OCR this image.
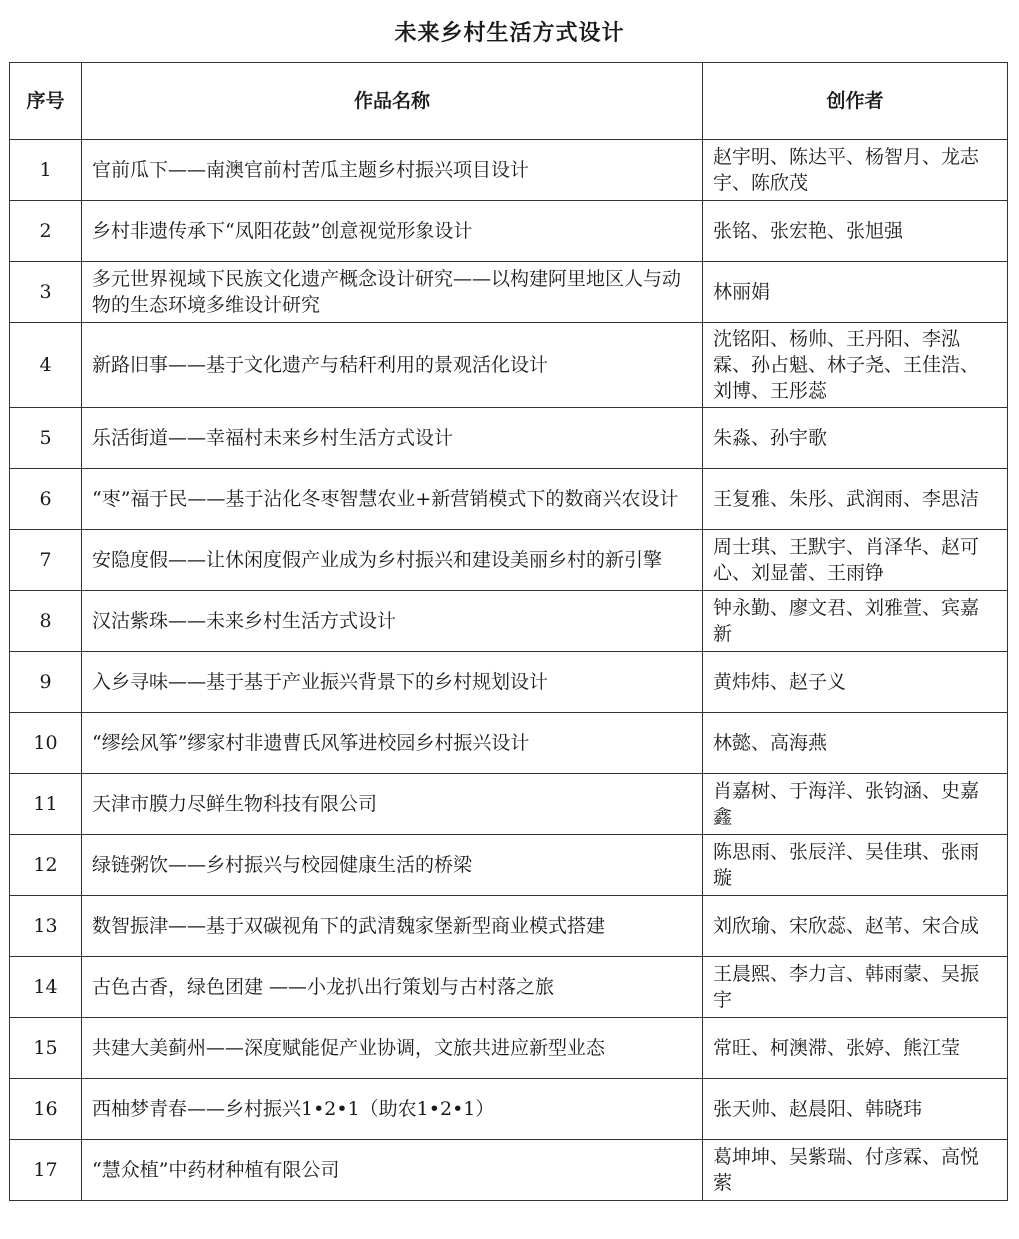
未来乡村生活方式设计
序号	作品名称	创作者
1	官前瓜下——南澳官前村苦瓜主题乡村振兴项目设计	赵宇明、陈达平、杨智月、龙志宇、陈欣茂
2	乡村非遗传承下“凤阳花鼓”创意视觉形象设计	张铭、张宏艳、张旭强
3	多元世界视域下民族文化遗产概念设计研究——以构建阿里地区人与动物的生态环境多维设计研究	林丽娟
4	新路旧事——基于文化遗产与秸秆利用的景观活化设计	沈铭阳、杨帅、王丹阳、李泓霖、孙占魁、林子尧、王佳浩、刘博、王彤蕊
5	乐活街道——幸福村未来乡村生活方式设计	朱淼、孙宇歌
6	“枣”福于民——基于沾化冬枣智慧农业+新营销模式下的数商兴农设计	王复雅、朱彤、武润雨、李思洁
7	安隐度假——让休闲度假产业成为乡村振兴和建设美丽乡村的新引擎	周士琪、王默宇、肖泽华、赵可心、刘显蕾、王雨铮
8	汉沽紫珠——未来乡村生活方式设计	钟永勤、廖文君、刘雅萱、宾嘉新
9	入乡寻味——基于基于产业振兴背景下的乡村规划设计	黄炜炜、赵子义
10	“缪绘风筝”缪家村非遗曹氏风筝进校园乡村振兴设计	林懿、高海燕
11	天津市膜力尽鲜生物科技有限公司	肖嘉树、于海洋、张钧涵、史嘉鑫
12	绿链粥饮——乡村振兴与校园健康生活的桥梁	陈思雨、张辰洋、吴佳琪、张雨璇
13	数智振津——基于双碳视角下的武清魏家堡新型商业模式搭建	刘欣瑜、宋欣蕊、赵苇、宋合成
14	古色古香，绿色团建 ——小龙扒出行策划与古村落之旅	王晨熙、李力言、韩雨蒙、吴振宇
15	共建大美蓟州——深度赋能促产业协调，文旅共进应新型业态	常旺、柯澳滞、张婷、熊江莹
16	西柚梦青春——乡村振兴1•2•1（助农1•2•1）	张天帅、赵晨阳、韩晓玮
17	“慧众植”中药材种植有限公司	葛坤坤、吴紫瑞、付彦霖、高悦萦
